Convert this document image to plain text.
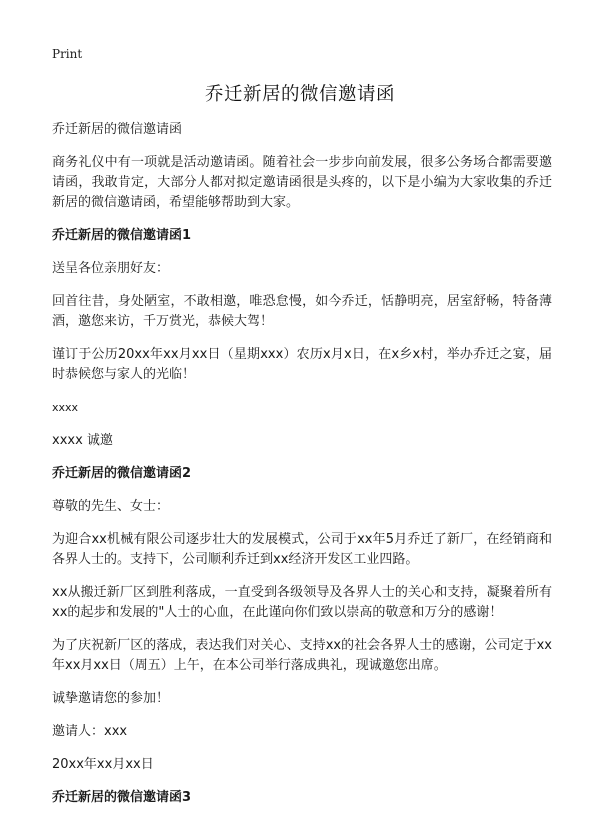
Print
乔迁新居的微信邀请函

乔迁新居的微信邀请函

商务礼仪中有一项就是活动邀请函。随着社会一步步向前发展，很多公务场合都需要邀请函，我敢肯定，大部分人都对拟定邀请函很是头疼的，以下是小编为大家收集的乔迁新居的微信邀请函，希望能够帮助到大家。

乔迁新居的微信邀请函1

送呈各位亲朋好友：

回首往昔，身处陋室，不敢相邀，唯恐怠慢，如今乔迁，恬静明亮，居室舒畅，特备薄酒，邀您来访，千万赏光，恭候大驾！

谨订于公历20xx年xx月xx日（星期xxx）农历x月x日，在x乡x村，举办乔迁之宴，届时恭候您与家人的光临！

xxxx

xxxx 诚邀

乔迁新居的微信邀请函2

尊敬的先生、女士：

为迎合xx机械有限公司逐步壮大的发展模式，公司于xx年5月乔迁了新厂，在经销商和各界人士的。支持下，公司顺利乔迁到xx经济开发区工业四路。

xx从搬迁新厂区到胜利落成，一直受到各级领导及各界人士的关心和支持，凝聚着所有xx的起步和发展的"人士的心血，在此谨向你们致以崇高的敬意和万分的感谢！

为了庆祝新厂区的落成，表达我们对关心、支持xx的社会各界人士的感谢，公司定于xx年xx月xx日（周五）上午，在本公司举行落成典礼，现诚邀您出席。

诚挚邀请您的参加！

邀请人：xxx

20xx年xx月xx日

乔迁新居的微信邀请函3
